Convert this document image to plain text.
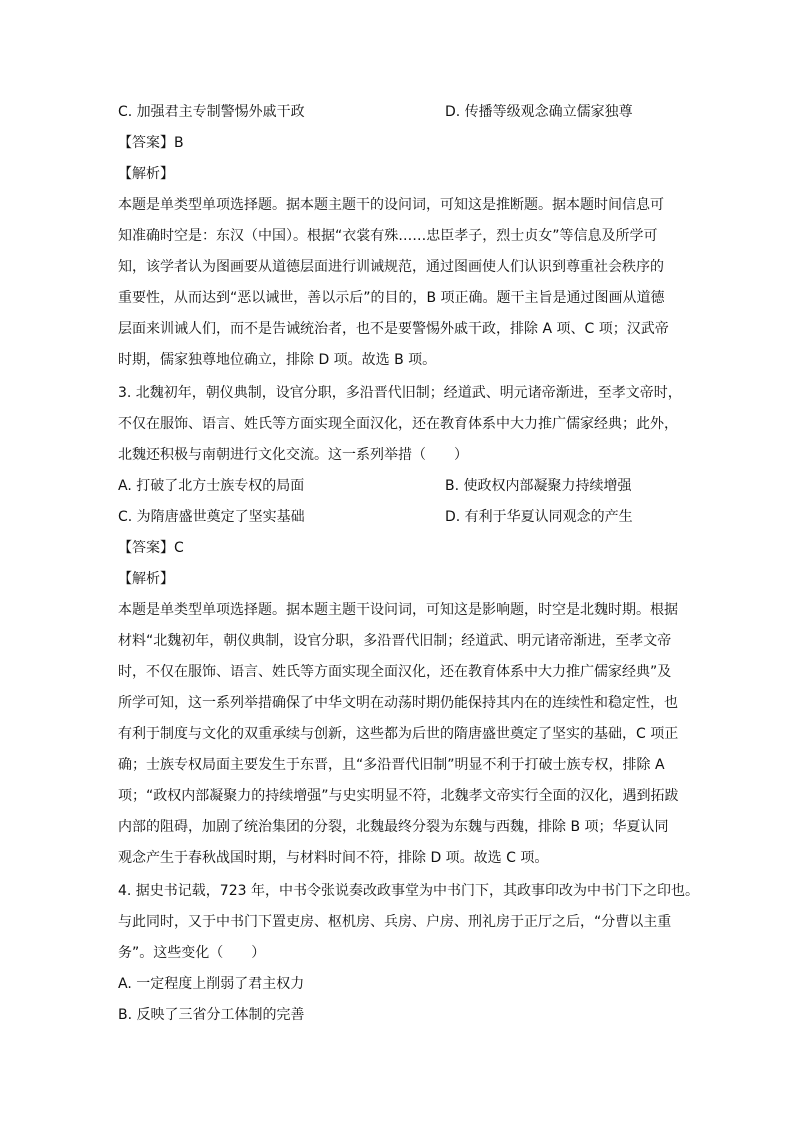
C. 加强君主专制警惕外戚干政	D. 传播等级观念确立儒家独尊
【答案】B
【解析】
本题是单类型单项选择题。据本题主题干的设问词，可知这是推断题。据本题时间信息可
知准确时空是：东汉（中国）。根据“衣裳有殊……忠臣孝子，烈士贞女”等信息及所学可
知，该学者认为图画要从道德层面进行训诫规范，通过图画使人们认识到尊重社会秩序的
重要性，从而达到“恶以诫世，善以示后”的目的，B 项正确。题干主旨是通过图画从道德
层面来训诫人们，而不是告诫统治者，也不是要警惕外戚干政，排除 A 项、C 项；汉武帝
时期，儒家独尊地位确立，排除 D 项。故选 B 项。
3. 北魏初年，朝仪典制，设官分职，多沿晋代旧制；经道武、明元诸帝渐进，至孝文帝时，
不仅在服饰、语言、姓氏等方面实现全面汉化，还在教育体系中大力推广儒家经典；此外，
北魏还积极与南朝进行文化交流。这一系列举措（　　）
A. 打破了北方士族专权的局面	B. 使政权内部凝聚力持续增强
C. 为隋唐盛世奠定了坚实基础	D. 有利于华夏认同观念的产生
【答案】C
【解析】
本题是单类型单项选择题。据本题主题干设问词，可知这是影响题，时空是北魏时期。根据
材料“北魏初年，朝仪典制，设官分职，多沿晋代旧制；经道武、明元诸帝渐进，至孝文帝
时，不仅在服饰、语言、姓氏等方面实现全面汉化，还在教育体系中大力推广儒家经典”及
所学可知，这一系列举措确保了中华文明在动荡时期仍能保持其内在的连续性和稳定性，也
有利于制度与文化的双重承续与创新，这些都为后世的隋唐盛世奠定了坚实的基础，C 项正
确；士族专权局面主要发生于东晋，且“多沿晋代旧制”明显不利于打破士族专权，排除 A
项；“政权内部凝聚力的持续增强”与史实明显不符，北魏孝文帝实行全面的汉化，遇到拓跋
内部的阻碍，加剧了统治集团的分裂，北魏最终分裂为东魏与西魏，排除 B 项；华夏认同
观念产生于春秋战国时期，与材料时间不符，排除 D 项。故选 C 项。
4. 据史书记载，723 年，中书令张说奏改政事堂为中书门下，其政事印改为中书门下之印也。
与此同时，又于中书门下置吏房、枢机房、兵房、户房、刑礼房于正厅之后，“分曹以主重
务”。这些变化（　　）
A. 一定程度上削弱了君主权力
B. 反映了三省分工体制的完善
